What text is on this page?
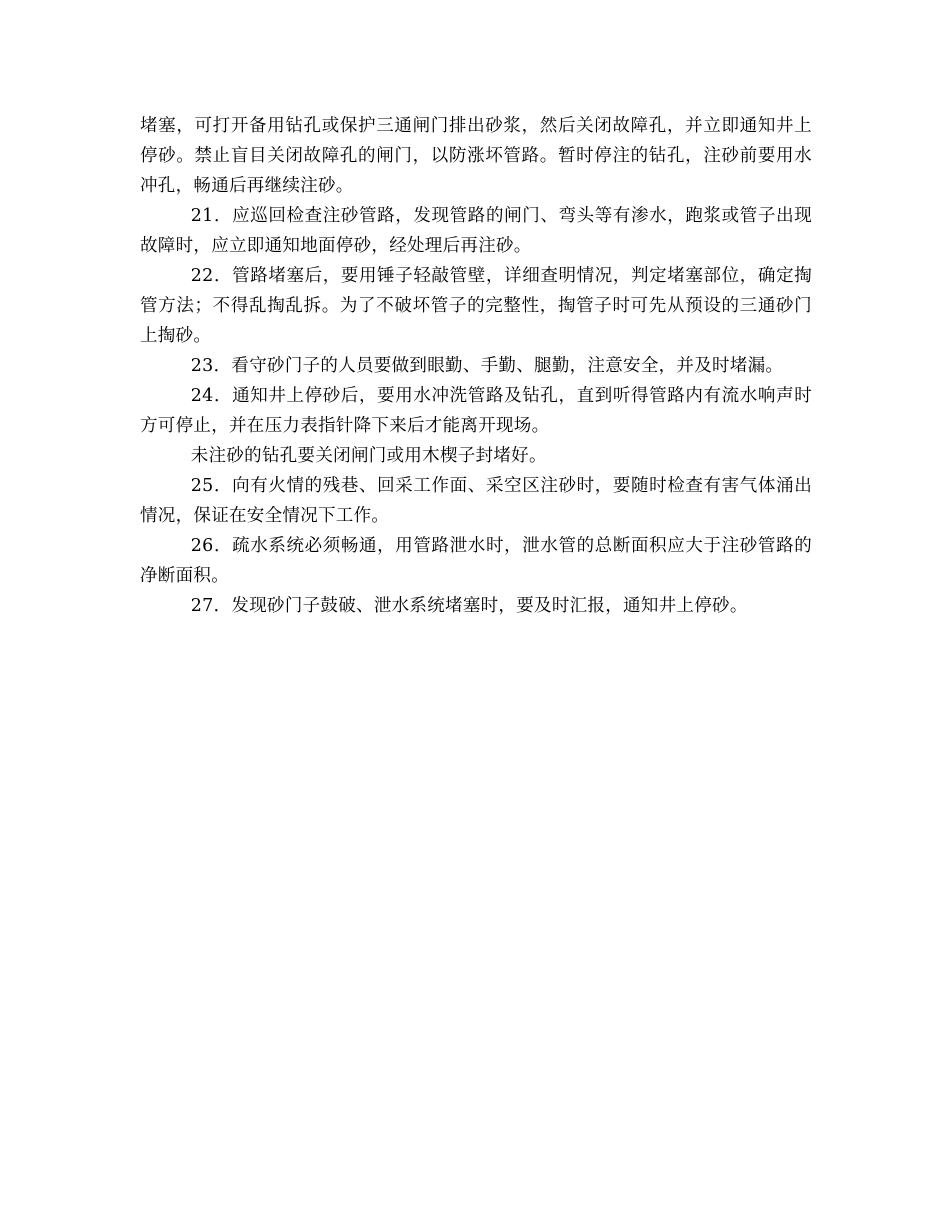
堵塞，可打开备用钻孔或保护三通闸门排出砂浆，然后关闭故障孔，并立即通知井上停砂。禁止盲目关闭故障孔的闸门，以防涨坏管路。暂时停注的钻孔，注砂前要用水冲孔，畅通后再继续注砂。

21．应巡回检查注砂管路，发现管路的闸门、弯头等有渗水，跑浆或管子出现故障时，应立即通知地面停砂，经处理后再注砂。

22．管路堵塞后，要用锤子轻敲管壁，详细查明情况，判定堵塞部位，确定掏管方法；不得乱掏乱拆。为了不破坏管子的完整性，掏管子时可先从预设的三通砂门上掏砂。

23．看守砂门子的人员要做到眼勤、手勤、腿勤，注意安全，并及时堵漏。

24．通知井上停砂后，要用水冲洗管路及钻孔，直到听得管路内有流水响声时方可停止，并在压力表指针降下来后才能离开现场。

未注砂的钻孔要关闭闸门或用木楔子封堵好。

25．向有火情的残巷、回采工作面、采空区注砂时，要随时检查有害气体涌出情况，保证在安全情况下工作。

26．疏水系统必须畅通，用管路泄水时，泄水管的总断面积应大于注砂管路的净断面积。

27．发现砂门子鼓破、泄水系统堵塞时，要及时汇报，通知井上停砂。
